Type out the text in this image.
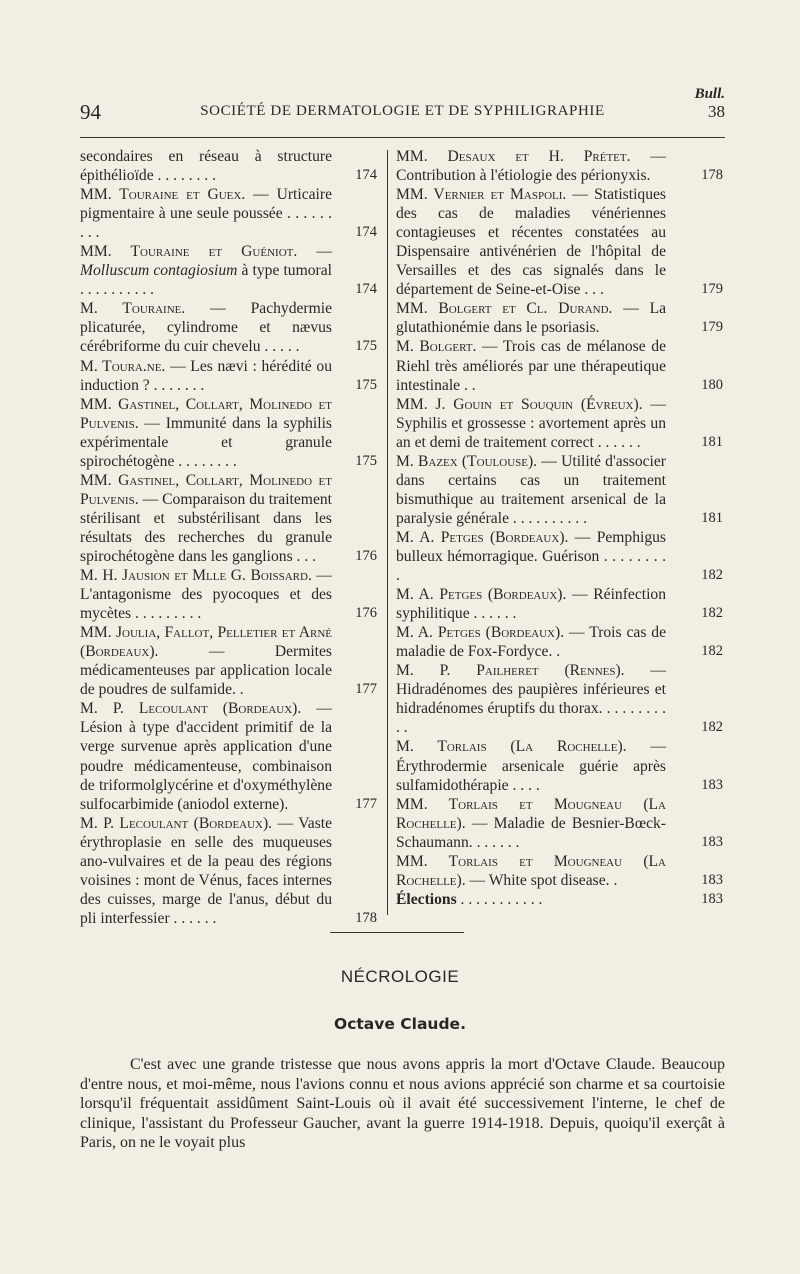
Bull.
94	SOCIÉTÉ DE DERMATOLOGIE ET DE SYPHILIGRAPHIE	38
secondaires en réseau à structure épithélioïde . . . . . . . .	174
MM. Touraine et Guex. — Urticaire pigmentaire à une seule poussée . . . . . . . . .	174
MM. Touraine et Guéniot. — Molluscum contagiosium à type tumoral . . . . . . . . . .	174
M. Touraine. — Pachydermie plicaturée, cylindrome et nævus cérébriforme du cuir chevelu . . . . .	175
M. Toura.ne. — Les nævi : hérédité ou induction ? . . . . . . .	175
MM. Gastinel, Collart, Molinedo et Pulvenis. — Immunité dans la syphilis expérimentale et granule spirochétogène . . . . . . . .	175
MM. Gastinel, Collart, Molinedo et Pulvenis. — Comparaison du traitement stérilisant et substérilisant dans les résultats des recherches du granule spirochétogène dans les ganglions . . .	176
M. H. Jausion et Mlle G. Boissard. — L'antagonisme des pyocoques et des mycètes . . . . . . . . .	176
MM. Joulia, Fallot, Pelletier et Arné (Bordeaux). — Dermites médicamenteuses par application locale de poudres de sulfamide. .	177
M. P. Lecoulant (Bordeaux). — Lésion à type d'accident primitif de la verge survenue après application d'une poudre médicamenteuse, combinaison de triformolglycérine et d'oxyméthylène sulfocarbimide (aniodol externe).	177
M. P. Lecoulant (Bordeaux). — Vaste érythroplasie en selle des muqueuses ano-vulvaires et de la peau des régions voisines : mont de Vénus, faces internes des cuisses, marge de l'anus, début du pli interfessier . . . . . .	178
MM. Desaux et H. Prétet. — Contribution à l'étiologie des périonyxis.	178
MM. Vernier et Maspoli. — Statistiques des cas de maladies vénériennes contagieuses et récentes constatées au Dispensaire antivénérien de l'hôpital de Versailles et des cas signalés dans le département de Seine-et-Oise . . .	179
MM. Bolgert et Cl. Durand. — La glutathionémie dans le psoriasis.	179
M. Bolgert. — Trois cas de mélanose de Riehl très améliorés par une thérapeutique intestinale . .	180
MM. J. Gouin et Souquin (Évreux). — Syphilis et grossesse : avortement après un an et demi de traitement correct . . . . . .	181
M. Bazex (Toulouse). — Utilité d'associer dans certains cas un traitement bismuthique au traitement arsenical de la paralysie générale . . . . . . . . . .	181
M. A. Petges (Bordeaux). — Pemphigus bulleux hémorragique. Guérison . . . . . . . . .	182
M. A. Petges (Bordeaux). — Réinfection syphilitique . . . . . .	182
M. A. Petges (Bordeaux). — Trois cas de maladie de Fox-Fordyce. .	182
M. P. Pailheret (Rennes). — Hidradénomes des paupières inférieures et hidradénomes éruptifs du thorax. . . . . . . . . . .	182
M. Torlais (La Rochelle). — Érythrodermie arsenicale guérie après sulfamidothérapie . . . .	183
MM. Torlais et Mougneau (La Rochelle). — Maladie de Besnier-Bœck-Schaumann. . . . . . .	183
MM. Torlais et Mougneau (La Rochelle). — White spot disease. .	183
Élections . . . . . . . . . . .	183
NÉCROLOGIE
Octave Claude.

C'est avec une grande tristesse que nous avons appris la mort d'Octave Claude. Beaucoup d'entre nous, et moi-même, nous l'avions connu et nous avions apprécié son charme et sa courtoisie lorsqu'il fréquentait assidûment Saint-Louis où il avait été successivement l'interne, le chef de clinique, l'assistant du Professeur Gaucher, avant la guerre 1914-1918. Depuis, quoiqu'il exerçât à Paris, on ne le voyait plus
